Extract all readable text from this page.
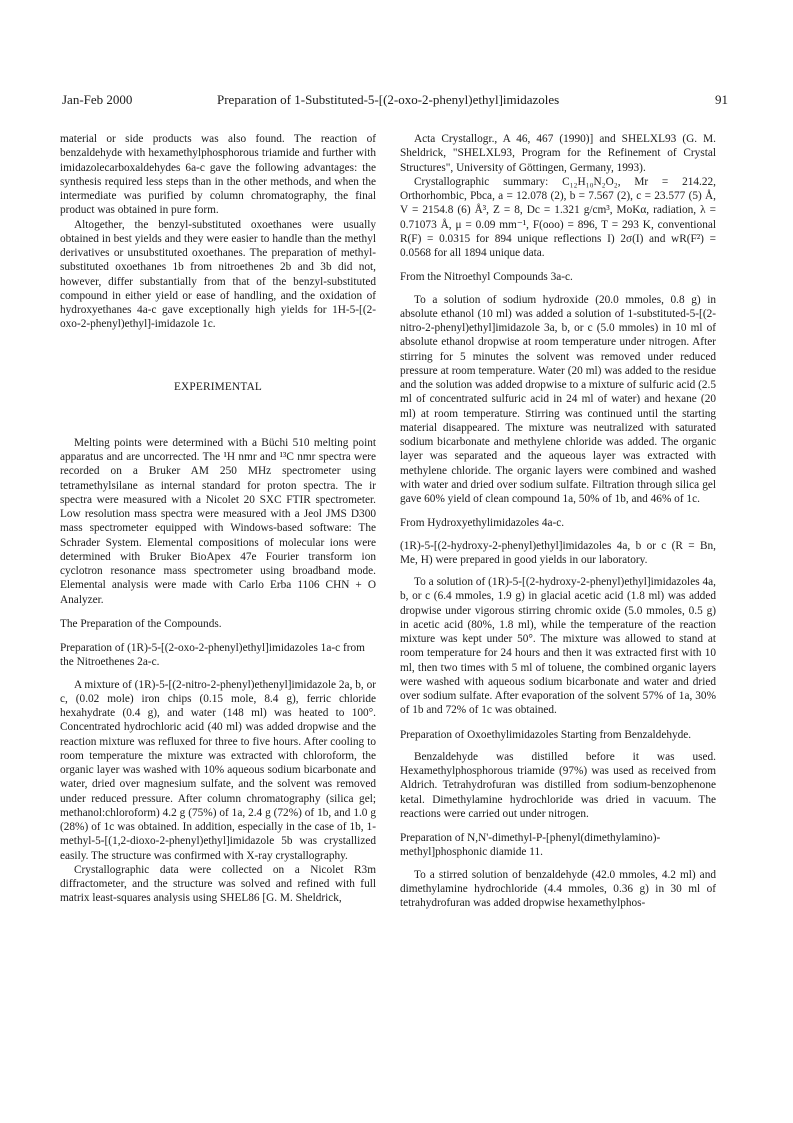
Jan-Feb 2000	Preparation of 1-Substituted-5-[(2-oxo-2-phenyl)ethyl]imidazoles	91

material or side products was also found. The reaction of benzaldehyde with hexamethylphosphorous triamide and further with imidazolecarboxaldehydes 6a-c gave the following advantages: the synthesis required less steps than in the other methods, and when the intermediate was purified by column chromatography, the final product was obtained in pure form.

Altogether, the benzyl-substituted oxoethanes were usually obtained in best yields and they were easier to handle than the methyl derivatives or unsubstituted oxoethanes. The preparation of methyl-substituted oxoethanes 1b from nitroethenes 2b and 3b did not, however, differ substantially from that of the benzyl-substituted compound in either yield or ease of handling, and the oxidation of hydroxyethanes 4a-c gave exceptionally high yields for 1H-5-[(2-oxo-2-phenyl)ethyl]-imidazole 1c.

EXPERIMENTAL

Melting points were determined with a Büchi 510 melting point apparatus and are uncorrected. The ¹H nmr and ¹³C nmr spectra were recorded on a Bruker AM 250 MHz spectrometer using tetramethylsilane as internal standard for proton spectra. The ir spectra were measured with a Nicolet 20 SXC FTIR spectrometer. Low resolution mass spectra were measured with a Jeol JMS D300 mass spectrometer equipped with Windows-based software: The Schrader System. Elemental compositions of molecular ions were determined with Bruker BioApex 47e Fourier transform ion cyclotron resonance mass spectrometer using broadband mode. Elemental analysis were made with Carlo Erba 1106 CHN + O Analyzer.

The Preparation of the Compounds.

Preparation of (1R)-5-[(2-oxo-2-phenyl)ethyl]imidazoles 1a-c from the Nitroethenes 2a-c.

A mixture of (1R)-5-[(2-nitro-2-phenyl)ethenyl]imidazole 2a, b, or c, (0.02 mole) iron chips (0.15 mole, 8.4 g), ferric chloride hexahydrate (0.4 g), and water (148 ml) was heated to 100°. Concentrated hydrochloric acid (40 ml) was added dropwise and the reaction mixture was refluxed for three to five hours. After cooling to room temperature the mixture was extracted with chloroform, the organic layer was washed with 10% aqueous sodium bicarbonate and water, dried over magnesium sulfate, and the solvent was removed under reduced pressure. After column chromatography (silica gel; methanol:chloroform) 4.2 g (75%) of 1a, 2.4 g (72%) of 1b, and 1.0 g (28%) of 1c was obtained. In addition, especially in the case of 1b, 1-methyl-5-[(1,2-dioxo-2-phenyl)ethyl]imidazole 5b was crystallized easily. The structure was confirmed with X-ray crystallography.

Crystallographic data were collected on a Nicolet R3m diffractometer, and the structure was solved and refined with full matrix least-squares analysis using SHEL86 [G. M. Sheldrick,

Acta Crystallogr., A 46, 467 (1990)] and SHELXL93 (G. M. Sheldrick, "SHELXL93, Program for the Refinement of Crystal Structures", University of Göttingen, Germany, 1993).

Crystallographic summary: C₁₂H₁₀N₂O₂, Mr = 214.22, Orthorhombic, Pbca, a = 12.078 (2), b = 7.567 (2), c = 23.577 (5) Å, V = 2154.8 (6) Å³, Z = 8, Dc = 1.321 g/cm³, MoKα, radiation, λ = 0.71073 Å, μ = 0.09 mm⁻¹, F(ooo) = 896, T = 293 K, conventional R(F) = 0.0315 for 894 unique reflections I) 2σ(I) and wR(F²) = 0.0568 for all 1894 unique data.

From the Nitroethyl Compounds 3a-c.

To a solution of sodium hydroxide (20.0 mmoles, 0.8 g) in absolute ethanol (10 ml) was added a solution of 1-substituted-5-[(2-nitro-2-phenyl)ethyl]imidazole 3a, b, or c (5.0 mmoles) in 10 ml of absolute ethanol dropwise at room temperature under nitrogen. After stirring for 5 minutes the solvent was removed under reduced pressure at room temperature. Water (20 ml) was added to the residue and the solution was added dropwise to a mixture of sulfuric acid (2.5 ml of concentrated sulfuric acid in 24 ml of water) and hexane (20 ml) at room temperature. Stirring was continued until the starting material disappeared. The mixture was neutralized with saturated sodium bicarbonate and methylene chloride was added. The organic layer was separated and the aqueous layer was extracted with methylene chloride. The organic layers were combined and washed with water and dried over sodium sulfate. Filtration through silica gel gave 60% yield of clean compound 1a, 50% of 1b, and 46% of 1c.

From Hydroxyethylimidazoles 4a-c.

(1R)-5-[(2-hydroxy-2-phenyl)ethyl]imidazoles 4a, b or c (R = Bn, Me, H) were prepared in good yields in our laboratory.

To a solution of (1R)-5-[(2-hydroxy-2-phenyl)ethyl]imidazoles 4a, b, or c (6.4 mmoles, 1.9 g) in glacial acetic acid (1.8 ml) was added dropwise under vigorous stirring chromic oxide (5.0 mmoles, 0.5 g) in acetic acid (80%, 1.8 ml), while the temperature of the reaction mixture was kept under 50°. The mixture was allowed to stand at room temperature for 24 hours and then it was extracted first with 10 ml, then two times with 5 ml of toluene, the combined organic layers were washed with aqueous sodium bicarbonate and water and dried over sodium sulfate. After evaporation of the solvent 57% of 1a, 30% of 1b and 72% of 1c was obtained.

Preparation of Oxoethylimidazoles Starting from Benzaldehyde.

Benzaldehyde was distilled before it was used. Hexamethylphosphorous triamide (97%) was used as received from Aldrich. Tetrahydrofuran was distilled from sodium-benzophenone ketal. Dimethylamine hydrochloride was dried in vacuum. The reactions were carried out under nitrogen.

Preparation of N,N'-dimethyl-P-[phenyl(dimethylamino)-methyl]phosphonic diamide 11.

To a stirred solution of benzaldehyde (42.0 mmoles, 4.2 ml) and dimethylamine hydrochloride (4.4 mmoles, 0.36 g) in 30 ml of tetrahydrofuran was added dropwise hexamethylphos-
